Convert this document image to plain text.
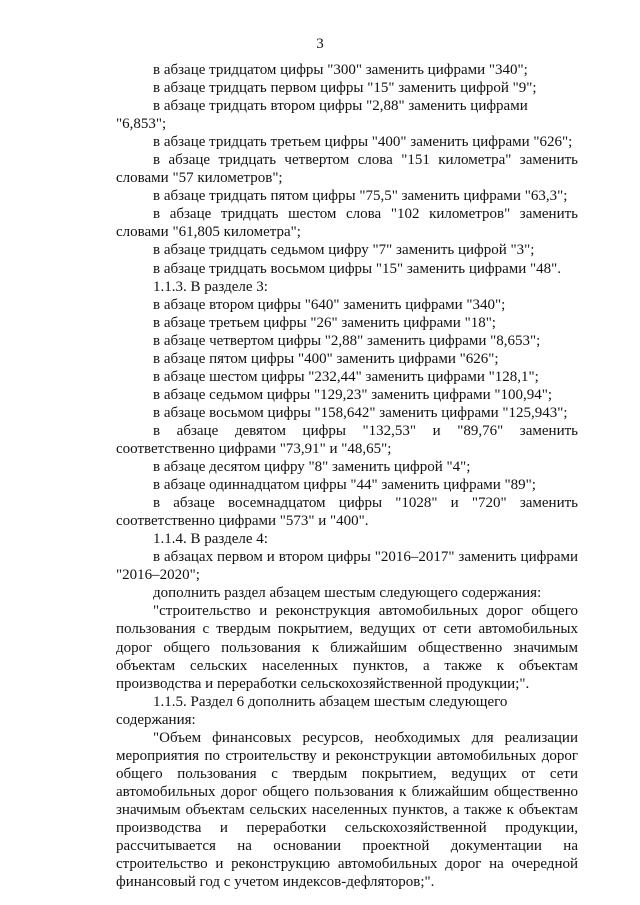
3
в абзаце тридцатом цифры "300" заменить цифрами "340";
в абзаце тридцать первом цифры "15" заменить цифрой "9";
в абзаце тридцать втором цифры "2,88" заменить цифрами "6,853";
в абзаце тридцать третьем цифры "400" заменить цифрами "626";
в абзаце тридцать четвертом слова "151 километра" заменить словами "57 километров";
в абзаце тридцать пятом цифры "75,5" заменить цифрами "63,3";
в абзаце тридцать шестом слова "102 километров" заменить словами "61,805 километра";
в абзаце тридцать седьмом цифру "7" заменить цифрой "3";
в абзаце тридцать восьмом цифры "15" заменить цифрами "48".
1.1.3. В разделе 3:
в абзаце втором цифры "640" заменить цифрами "340";
в абзаце третьем цифры "26" заменить цифрами "18";
в абзаце четвертом цифры "2,88" заменить цифрами "8,653";
в абзаце пятом цифры "400" заменить цифрами "626";
в абзаце шестом цифры "232,44" заменить цифрами "128,1";
в абзаце седьмом цифры "129,23" заменить цифрами "100,94";
в абзаце восьмом цифры "158,642" заменить цифрами "125,943";
в абзаце девятом цифры "132,53" и "89,76" заменить соответственно цифрами "73,91" и "48,65";
в абзаце десятом цифру "8" заменить цифрой "4";
в абзаце одиннадцатом цифры "44" заменить цифрами "89";
в абзаце восемнадцатом цифры "1028" и "720" заменить соответственно цифрами "573" и "400".
1.1.4. В разделе 4:
в абзацах первом и втором цифры "2016–2017" заменить цифрами "2016–2020";
дополнить раздел абзацем шестым следующего содержания:
"строительство и реконструкция автомобильных дорог общего пользования с твердым покрытием, ведущих от сети автомобильных дорог общего пользования к ближайшим общественно значимым объектам сельских населенных пунктов, а также к объектам производства и переработки сельскохозяйственной продукции;".
1.1.5. Раздел 6 дополнить абзацем шестым следующего содержания:
"Объем финансовых ресурсов, необходимых для реализации мероприятия по строительству и реконструкции автомобильных дорог общего пользования с твердым покрытием, ведущих от сети автомобильных дорог общего пользования к ближайшим общественно значимым объектам сельских населенных пунктов, а также к объектам производства и переработки сельскохозяйственной продукции, рассчитывается на основании проектной документации на строительство и реконструкцию автомобильных дорог на очередной финансовый год с учетом индексов-дефляторов;".
